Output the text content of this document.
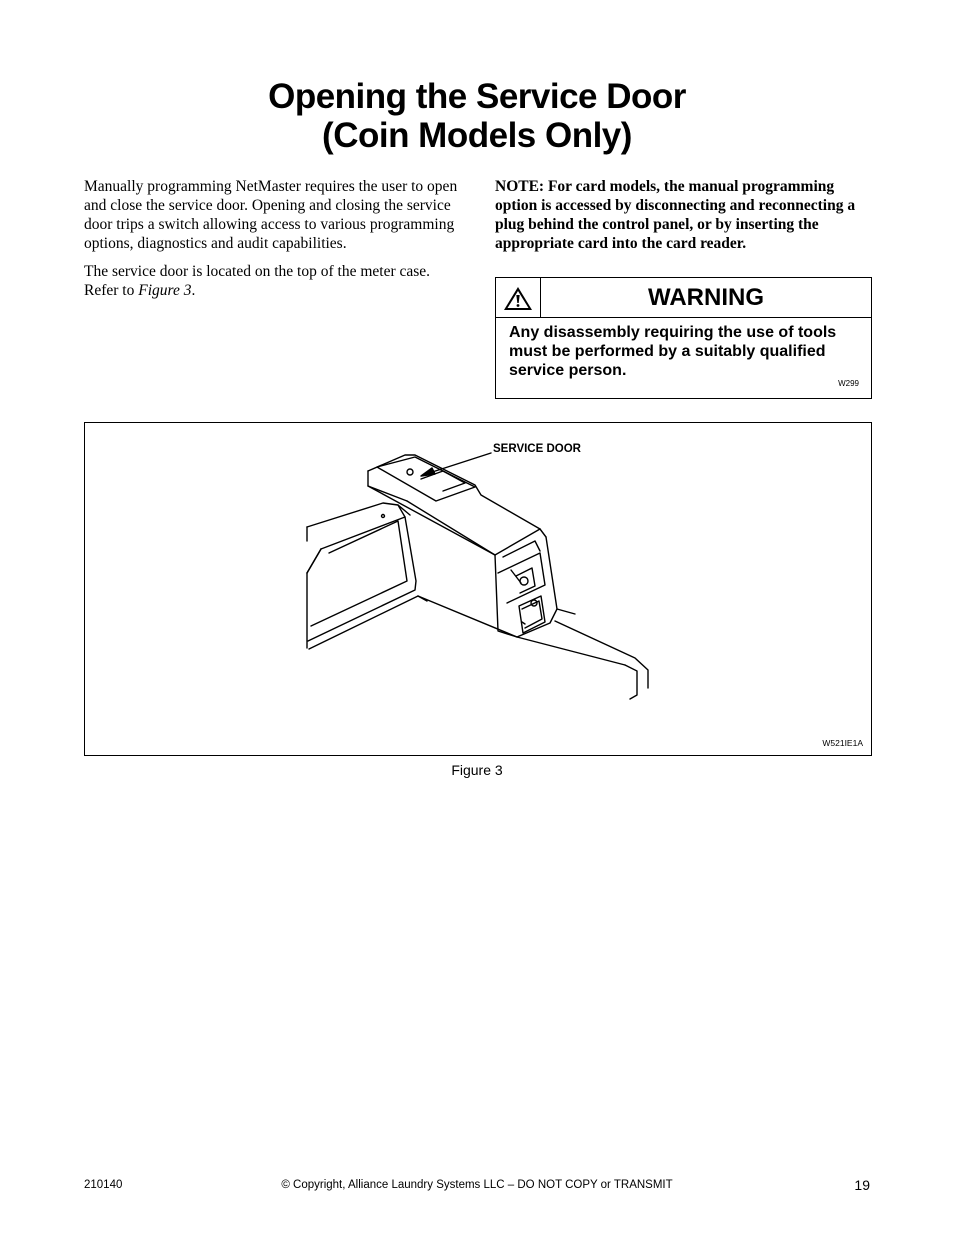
Opening the Service Door
(Coin Models Only)

Manually programming NetMaster requires the user to open and close the service door. Opening and closing the service door trips a switch allowing access to various programming options, diagnostics and audit capabilities.

The service door is located on the top of the meter case. Refer to Figure 3.

NOTE: For card models, the manual programming option is accessed by disconnecting and reconnecting a plug behind the control panel, or by inserting the appropriate card into the card reader.
WARNING
Any disassembly requiring the use of tools must be performed by a suitably qualified service person.
W299
SERVICE DOOR
W521IE1A
Figure 3
210140	© Copyright, Alliance Laundry Systems LLC – DO NOT COPY or TRANSMIT	19
